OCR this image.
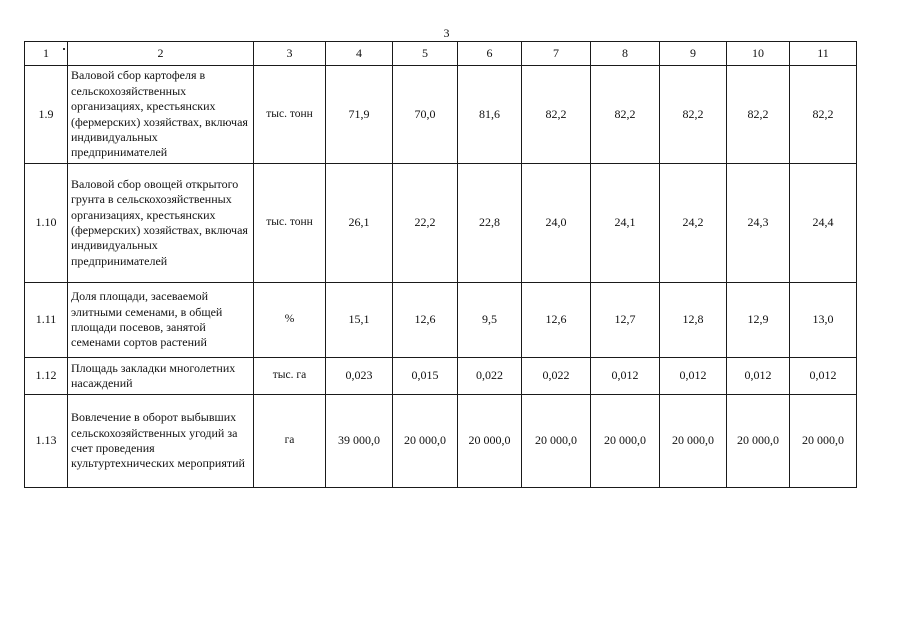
3
1	2	3	4	5	6	7	8	9	10	11
1.9	Валовой сбор картофеля в сельскохозяйственных организациях, крестьянских (фермерских) хозяйствах, включая индивидуальных предпринимателей	тыс. тонн	71,9	70,0	81,6	82,2	82,2	82,2	82,2	82,2
1.10	Валовой сбор овощей открытого грунта в сельскохозяйственных организациях, крестьянских (фермерских) хозяйствах, включая индивидуальных предпринимателей	тыс. тонн	26,1	22,2	22,8	24,0	24,1	24,2	24,3	24,4
1.11	Доля площади, засеваемой элитными семенами, в общей площади посевов, занятой семенами сортов растений	%	15,1	12,6	9,5	12,6	12,7	12,8	12,9	13,0
1.12	Площадь закладки многолетних насаждений	тыс. га	0,023	0,015	0,022	0,022	0,012	0,012	0,012	0,012
1.13	Вовлечение в оборот выбывших сельскохозяйственных угодий за счет проведения культуртехнических мероприятий	га	39 000,0	20 000,0	20 000,0	20 000,0	20 000,0	20 000,0	20 000,0	20 000,0
